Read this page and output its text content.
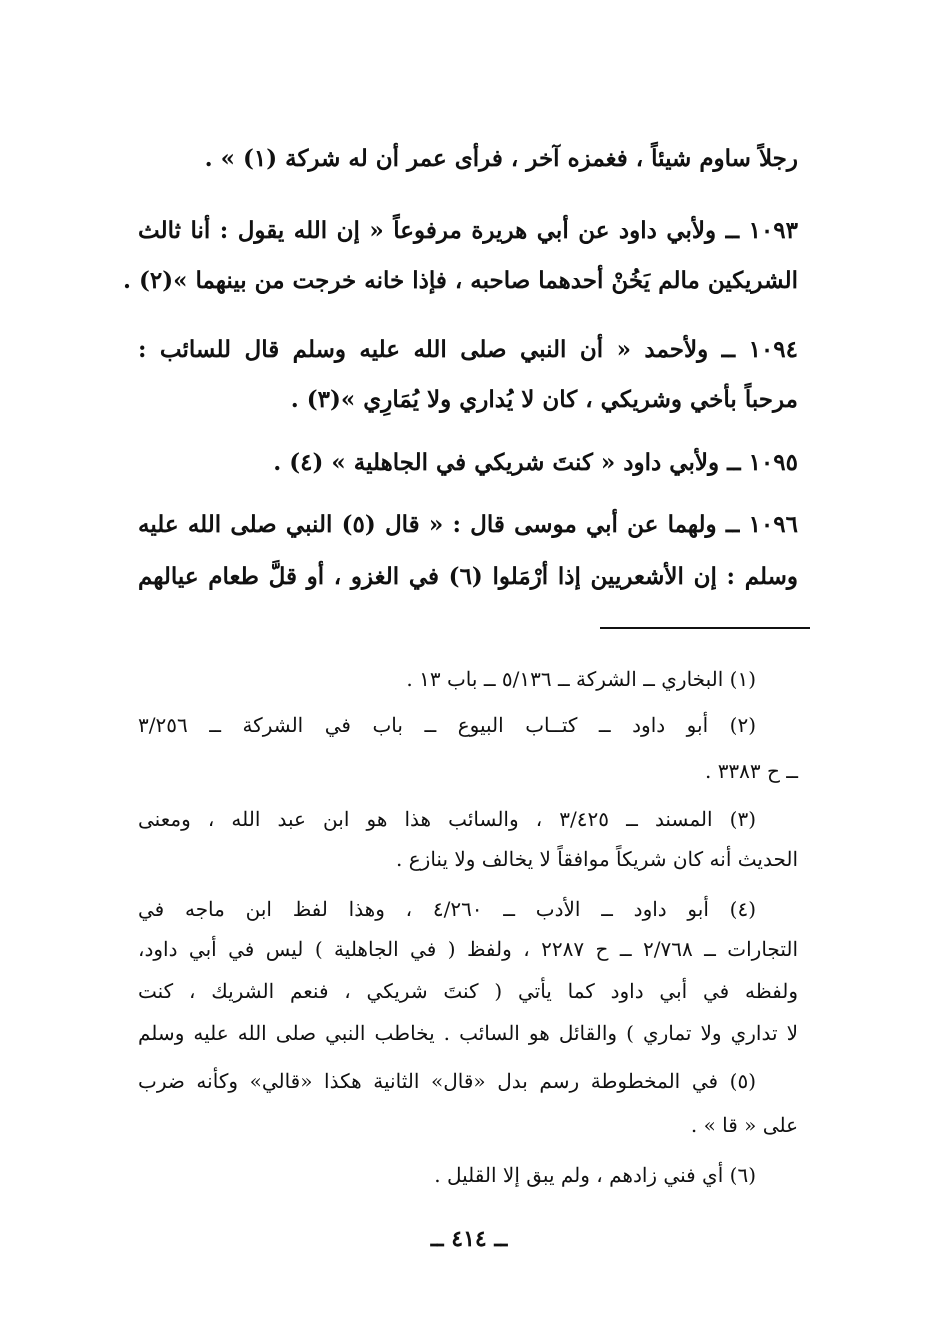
رجلاً ساوم شيئاً ، فغمزه آخر ، فرأى عمر أن له شركة (١) » .
١٠٩٣ ــ ولأبي داود عن أبي هريرة مرفوعاً « إن الله يقول : أنا ثالث
الشريكين مالم يَخُنْ أحدهما صاحبه ، فإذا خانه خرجت من بينهما »(٢) .
١٠٩٤ ــ ولأحمد « أن النبي صلى الله عليه وسلم قال للسائب :
مرحباً بأخي وشريكي ، كان لا يُداري ولا يُمَارِي »(٣) .
١٠٩٥ ــ ولأبي داود « كنتَ شريكي في الجاهلية » (٤) .
١٠٩٦ ــ ولهما عن أبي موسى قال : « قال (٥) النبي صلى الله عليه
وسلم : إن الأشعريين إذا أرْمَلوا (٦) في الغزو ، أو قلَّ طعام عيالهم
(١) البخاري ــ الشركة ــ ٥/١٣٦ ــ باب ١٣ .
(٢) أبو داود ــ كتــاب البيوع ــ باب في الشركة ــ ٣/٢٥٦
ــ ح ٣٣٨٣ .
(٣) المسند ــ ٣/٤٢٥ ، والسائب هذا هو ابن عبد الله ، ومعنى
الحديث أنه كان شريكاً موافقاً لا يخالف ولا ينازع .
(٤) أبو داود ــ الأدب ــ ٤/٢٦٠ ، وهذا لفظ ابن ماجه في
التجارات ــ ٢/٧٦٨ ــ ح ٢٢٨٧ ، ولفظ ( في الجاهلية ) ليس في أبي داود،
ولفظه في أبي داود كما يأتي ( كنتَ شريكي ، فنعم الشريك ، كنت
لا تداري ولا تماري ) والقائل هو السائب . يخاطب النبي صلى الله عليه وسلم
(٥) في المخطوطة رسم بدل «قال» الثانية هكذا «قالي» وكأنه ضرب
على « قا » .
(٦) أي فني زادهم ، ولم يبق إلا القليل .
ــ ٤١٤ ــ
